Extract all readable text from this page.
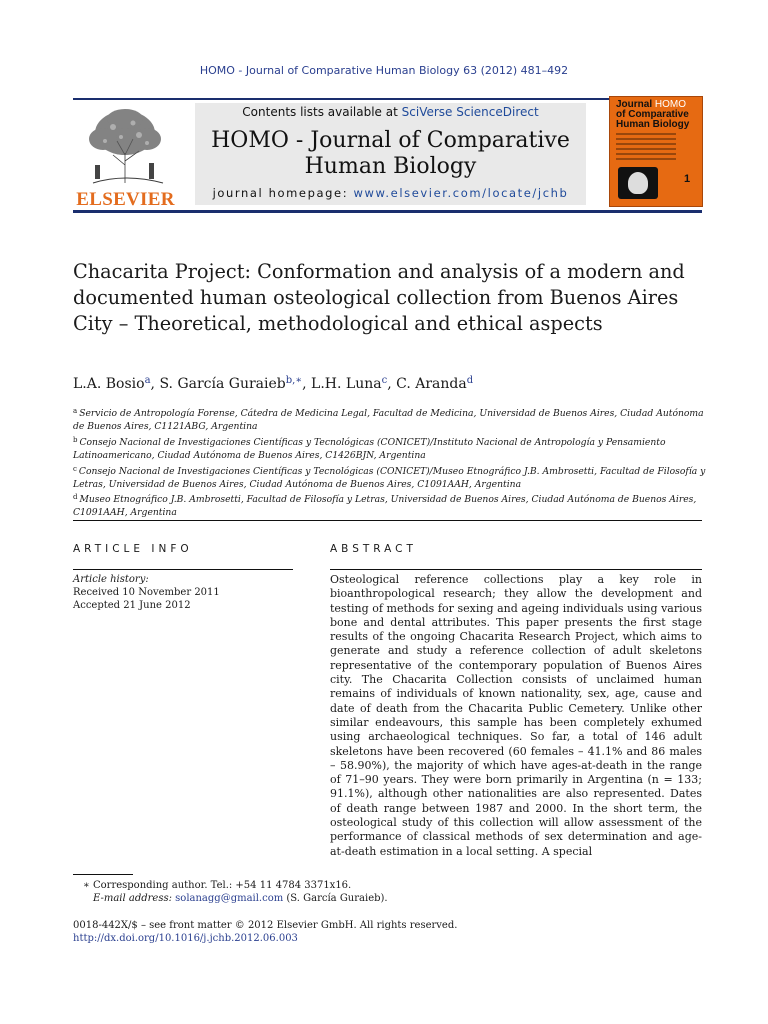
HOMO - Journal of Comparative Human Biology 63 (2012) 481–492
ELSEVIER
Contents lists available at SciVerse ScienceDirect
HOMO - Journal of Comparative Human Biology
journal homepage: www.elsevier.com/locate/jchb
Journal HOMO
of Comparative
Human Biology
1
Chacarita Project: Conformation and analysis of a modern and documented human osteological collection from Buenos Aires City – Theoretical, methodological and ethical aspects
L.A. Bosio$^a$, S. García Guraieb$^{b,∗}$, L.H. Luna$^c$, C. Aranda$^d$

$^a$ Servicio de Antropología Forense, Cátedra de Medicina Legal, Facultad de Medicina, Universidad de Buenos Aires, Ciudad Autónoma de Buenos Aires, C1121ABG, Argentina

$^b$ Consejo Nacional de Investigaciones Científicas y Tecnológicas (CONICET)/Instituto Nacional de Antropología y Pensamiento Latinoamericano, Ciudad Autónoma de Buenos Aires, C1426BJN, Argentina

$^c$ Consejo Nacional de Investigaciones Científicas y Tecnológicas (CONICET)/Museo Etnográfico J.B. Ambrosetti, Facultad de Filosofía y Letras, Universidad de Buenos Aires, Ciudad Autónoma de Buenos Aires, C1091AAH, Argentina

$^d$ Museo Etnográfico J.B. Ambrosetti, Facultad de Filosofía y Letras, Universidad de Buenos Aires, Ciudad Autónoma de Buenos Aires, C1091AAH, Argentina

ARTICLE INFO	ABSTRACT
Article history:
Received 10 November 2011
Accepted 21 June 2012

Osteological reference collections play a key role in bioanthropological research; they allow the development and testing of methods for sexing and ageing individuals using various bone and dental attributes. This paper presents the first stage results of the ongoing Chacarita Research Project, which aims to generate and study a reference collection of adult skeletons representative of the contemporary population of Buenos Aires city. The Chacarita Collection consists of unclaimed human remains of individuals of known nationality, sex, age, cause and date of death from the Chacarita Public Cemetery. Unlike other similar endeavours, this sample has been completely exhumed using archaeological techniques. So far, a total of 146 adult skeletons have been recovered (60 females – 41.1% and 86 males – 58.90%), the majority of which have ages-at-death in the range of 71–90 years. They were born primarily in Argentina (n = 133; 91.1%), although other nationalities are also represented. Dates of death range between 1987 and 2000. In the short term, the osteological study of this collection will allow assessment of the performance of classical methods of sex determination and age-at-death estimation in a local setting. A special

∗ Corresponding author. Tel.: +54 11 4784 3371x16.
E-mail address: solanagg@gmail.com (S. García Guraieb).
0018-442X/$ – see front matter © 2012 Elsevier GmbH. All rights reserved.
http://dx.doi.org/10.1016/j.jchb.2012.06.003
